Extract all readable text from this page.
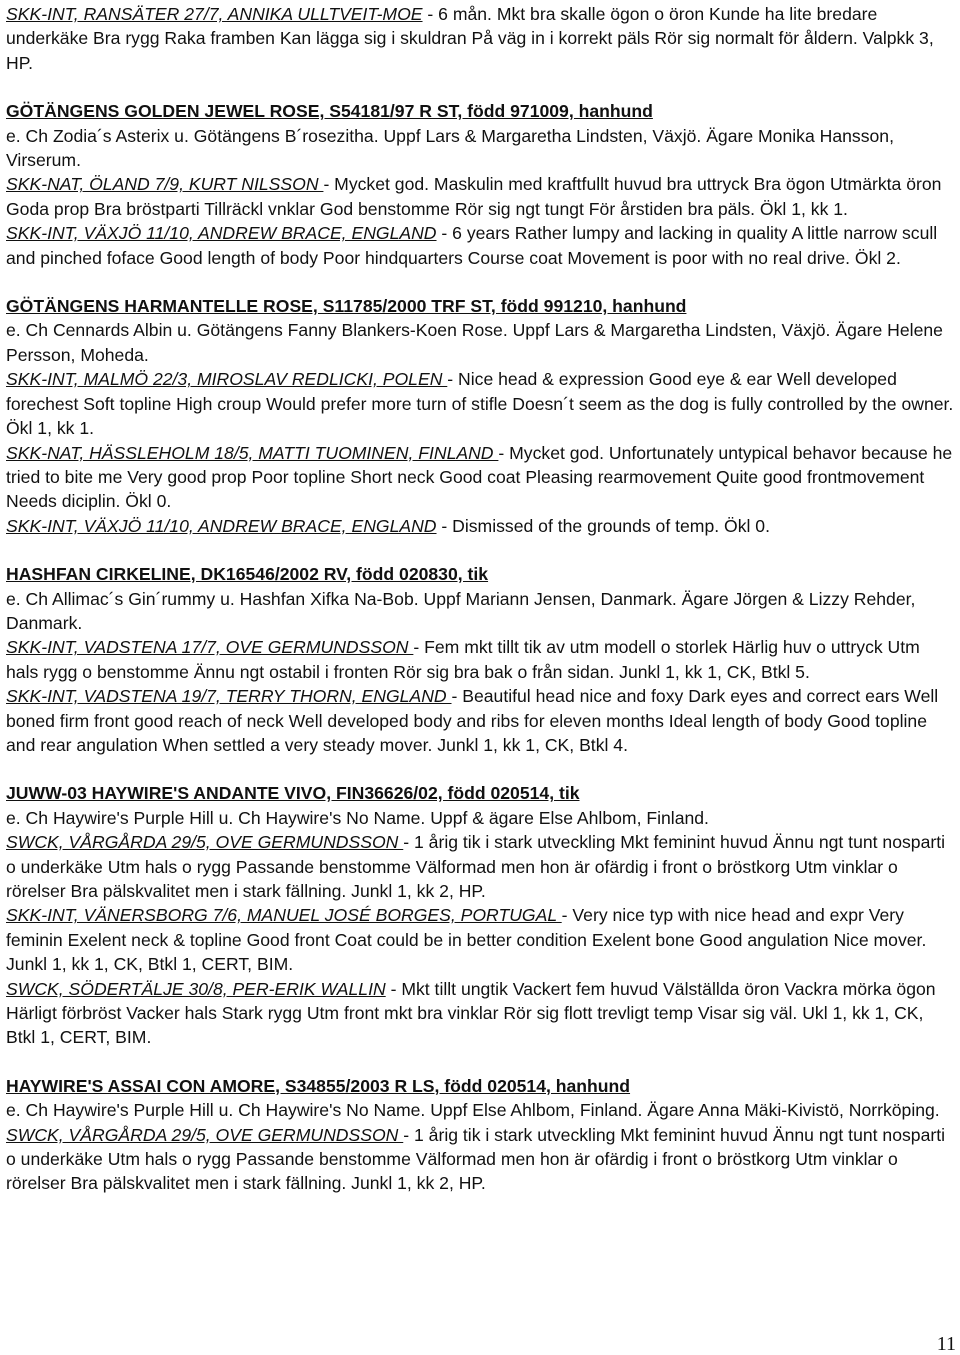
SKK-INT, RANSÄTER 27/7, ANNIKA ULLTVEIT-MOE - 6 mån. Mkt bra skalle ögon o öron Kunde ha lite bredare underkäke Bra rygg Raka framben Kan lägga sig i skuldran På väg in i korrekt päls Rör sig normalt för åldern. Valpkk 3, HP.

GÖTÄNGENS GOLDEN JEWEL ROSE, S54181/97 R ST, född 971009, hanhund

e. Ch Zodia´s Asterix u. Götängens B´rosezitha. Uppf Lars & Margaretha Lindsten, Växjö. Ägare Monika Hansson, Virserum.

SKK-NAT, ÖLAND 7/9, KURT NILSSON - Mycket god. Maskulin med kraftfullt huvud bra uttryck Bra ögon Utmärkta öron Goda prop Bra bröstparti Tillräckl vnklar God benstomme Rör sig ngt tungt För årstiden bra päls. Ökl 1, kk 1.

SKK-INT, VÄXJÖ 11/10, ANDREW BRACE, ENGLAND - 6 years Rather lumpy and lacking in quality A little narrow scull and pinched foface Good length of body Poor hindquarters Course coat Movement is poor with no real drive. Ökl 2.

GÖTÄNGENS HARMANTELLE ROSE, S11785/2000 TRF ST, född 991210, hanhund

e. Ch Cennards Albin u. Götängens Fanny Blankers-Koen Rose. Uppf Lars & Margaretha Lindsten, Växjö. Ägare Helene Persson, Moheda.

SKK-INT, MALMÖ 22/3, MIROSLAV REDLICKI, POLEN - Nice head & expression Good eye & ear Well developed forechest Soft topline High croup Would prefer more turn of stifle Doesn´t seem as the dog is fully controlled by the owner. Ökl 1, kk 1.

SKK-NAT, HÄSSLEHOLM 18/5, MATTI TUOMINEN, FINLAND - Mycket god. Unfortunately untypical behavor because he tried to bite me Very good prop Poor topline Short neck Good coat Pleasing rearmovement Quite good frontmovement Needs diciplin. Ökl 0.

SKK-INT, VÄXJÖ 11/10, ANDREW BRACE, ENGLAND - Dismissed of the grounds of temp. Ökl 0.

HASHFAN CIRKELINE, DK16546/2002 RV, född 020830, tik

e. Ch Allimac´s Gin´rummy u. Hashfan Xifka Na-Bob. Uppf Mariann Jensen, Danmark. Ägare Jörgen & Lizzy Rehder, Danmark.

SKK-INT, VADSTENA 17/7, OVE GERMUNDSSON - Fem mkt tillt tik av utm modell o storlek Härlig huv o uttryck Utm hals rygg o benstomme Ännu ngt ostabil i fronten Rör sig bra bak o från sidan. Junkl 1, kk 1, CK, Btkl 5.

SKK-INT, VADSTENA 19/7, TERRY THORN, ENGLAND - Beautiful head nice and foxy Dark eyes and correct ears Well boned firm front good reach of neck Well developed body and ribs for eleven months Ideal length of body Good topline and rear angulation When settled a very steady mover. Junkl 1, kk 1, CK, Btkl 4.

JUWW-03 HAYWIRE'S ANDANTE VIVO, FIN36626/02, född 020514, tik

e. Ch Haywire's Purple Hill u. Ch Haywire's No Name. Uppf & ägare Else Ahlbom, Finland.

SWCK, VÅRGÅRDA 29/5, OVE GERMUNDSSON - 1 årig tik i stark utveckling Mkt feminint huvud Ännu ngt tunt nosparti o underkäke Utm hals o rygg Passande benstomme Välformad men hon är ofärdig i front o bröstkorg Utm vinklar o rörelser Bra pälskvalitet men i stark fällning. Junkl 1, kk 2, HP.

SKK-INT, VÄNERSBORG 7/6, MANUEL JOSÉ BORGES, PORTUGAL - Very nice typ with nice head and expr Very feminin Exelent neck & topline Good front Coat could be in better condition Exelent bone Good angulation Nice mover. Junkl 1, kk 1, CK, Btkl 1, CERT, BIM.

SWCK, SÖDERTÄLJE 30/8, PER-ERIK WALLIN - Mkt tillt ungtik Vackert fem huvud Välställda öron Vackra mörka ögon Härligt förbröst Vacker hals Stark rygg Utm front mkt bra vinklar Rör sig flott trevligt temp Visar sig väl. Ukl 1, kk 1, CK, Btkl 1, CERT, BIM.

HAYWIRE'S ASSAI CON AMORE, S34855/2003 R LS, född 020514, hanhund

e. Ch Haywire's Purple Hill u. Ch Haywire's No Name. Uppf Else Ahlbom, Finland. Ägare Anna Mäki-Kivistö, Norrköping.

SWCK, VÅRGÅRDA 29/5, OVE GERMUNDSSON - 1 årig tik i stark utveckling Mkt feminint huvud Ännu ngt tunt nosparti o underkäke Utm hals o rygg Passande benstomme Välformad men hon är ofärdig i front o bröstkorg Utm vinklar o rörelser Bra pälskvalitet men i stark fällning. Junkl 1, kk 2, HP.

11
